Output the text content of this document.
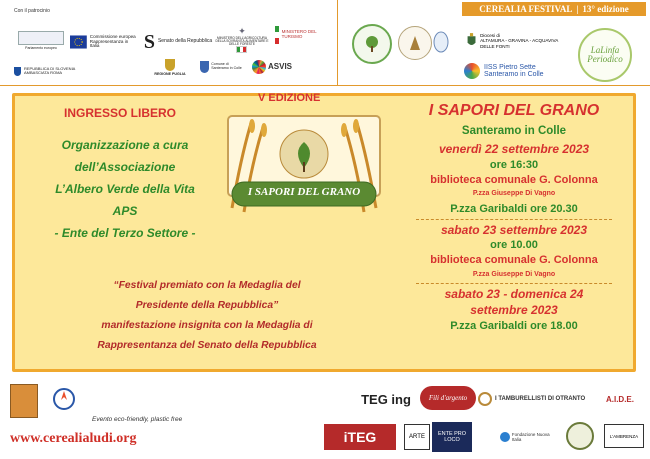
Con il patrocinio
Parlamento europeo
Commissione europea
Rappresentanza in Italia	S Senato della Repubblica
✦
MINISTERO DELL'AGRICOLTURA DELLA SOVRANITÀ ALIMENTARE E DELLE FORESTE
MINISTERO DEL TURISMO
REPUBBLICA DI SLOVENIA
AMBASCIATA ROMA	REGIONE PUGLIA
Comune di
Santeramo in Colle	ASVIS
CEREALIA FESTIVAL | 13° edizione
Diocesi di
ALTAMURA - GRAVINA - ACQUAVIVA DELLE FONTI
IISS Pietro Sette
Santeramo in Colle
LaLinfa Periodico
INGRESSO LIBERO
Organizzazione a cura
dell’Associazione
L’Albero Verde della Vita
APS
- Ente del Terzo Settore -
“Festival premiato con la Medaglia del
Presidente della Repubblica”
manifestazione insignita con la Medaglia di
Rappresentanza del Senato della Repubblica
V EDIZIONE
I SAPORI DEL GRANO
I SAPORI DEL GRANO
Santeramo in Colle
venerdì 22 settembre 2023
ore 16:30
biblioteca comunale G. Colonna
P.zza Giuseppe Di Vagno
P.zza Garibaldi ore 20.30
sabato 23 settembre 2023
ore 10.00
biblioteca comunale G. Colonna
P.zza Giuseppe Di Vagno
sabato 23 - domenica 24
settembre 2023
P.zza Garibaldi ore 18.00
Evento eco-friendly, plastic free
www.cerealialudi.org
TEG ing	Fili d'argento	I TAMBURELLISTI DI OTRANTO	A.I.D.E.
iTEG	ARTE	ENTE PRO LOCO
Fondazione Nuova Italia
L'AMBRENZA
